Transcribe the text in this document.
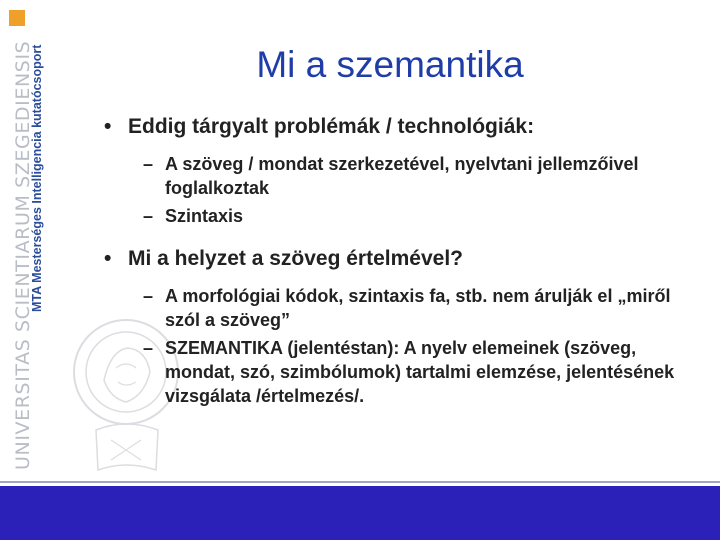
MTA Mesterséges Intelligencia kutatócsoport
UNIVERSITAS SCIENTIARUM SZEGEDIENSIS	Mi a szemantika
• Eddig tárgyalt problémák / technológiák:
– A szöveg / mondat szerkezetével, nyelvtani jellemzőivel foglalkoztak
– Szintaxis
• Mi a helyzet a szöveg értelmével?
– A morfológiai kódok, szintaxis fa, stb. nem árulják el „miről szól a szöveg”
– SZEMANTIKA (jelentéstan): A nyelv elemeinek (szöveg, mondat, szó, szimbólumok) tartalmi elemzése, jelentésének vizsgálata /értelmezés/.
